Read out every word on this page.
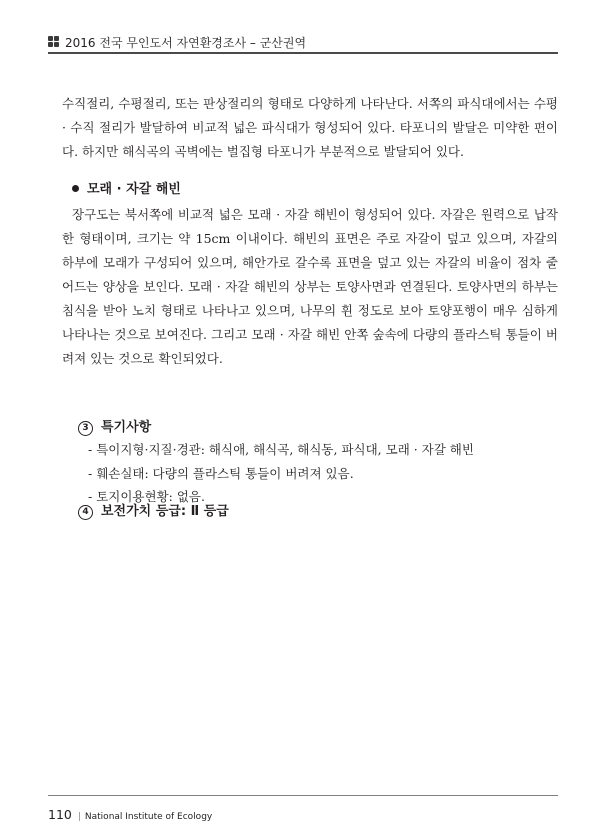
2016 전국 무인도서 자연환경조사 – 군산권역
수직절리, 수평절리, 또는 판상절리의 형태로 다양하게 나타난다. 서쪽의 파식대에서는 수평 · 수직 절리가 발달하여 비교적 넓은 파식대가 형성되어 있다. 타포니의 발달은 미약한 편이다. 하지만 해식곡의 곡벽에는 벌집형 타포니가 부분적으로 발달되어 있다.
모래 · 자갈 해빈
장구도는 북서쪽에 비교적 넓은 모래 · 자갈 해빈이 형성되어 있다. 자갈은 원력으로 납작한 형태이며, 크기는 약 15cm 이내이다. 해빈의 표면은 주로 자갈이 덮고 있으며, 자갈의 하부에 모래가 구성되어 있으며, 해안가로 갈수록 표면을 덮고 있는 자갈의 비율이 점차 줄어드는 양상을 보인다. 모래 · 자갈 해빈의 상부는 토양사면과 연결된다. 토양사면의 하부는 침식을 받아 노치 형태로 나타나고 있으며, 나무의 휜 정도로 보아 토양포행이 매우 심하게 나타나는 것으로 보여진다. 그리고 모래 · 자갈 해빈 안쪽 숲속에 다량의 플라스틱 통들이 버려져 있는 것으로 확인되었다.
3 특기사항
- 특이지형·지질·경관: 해식애, 해식곡, 해식동, 파식대, 모래 · 자갈 해빈
- 훼손실태: 다량의 플라스틱 통들이 버려져 있음.
- 토지이용현황: 없음.
4 보전가치 등급: Ⅱ 등급
110 | National Institute of Ecology
